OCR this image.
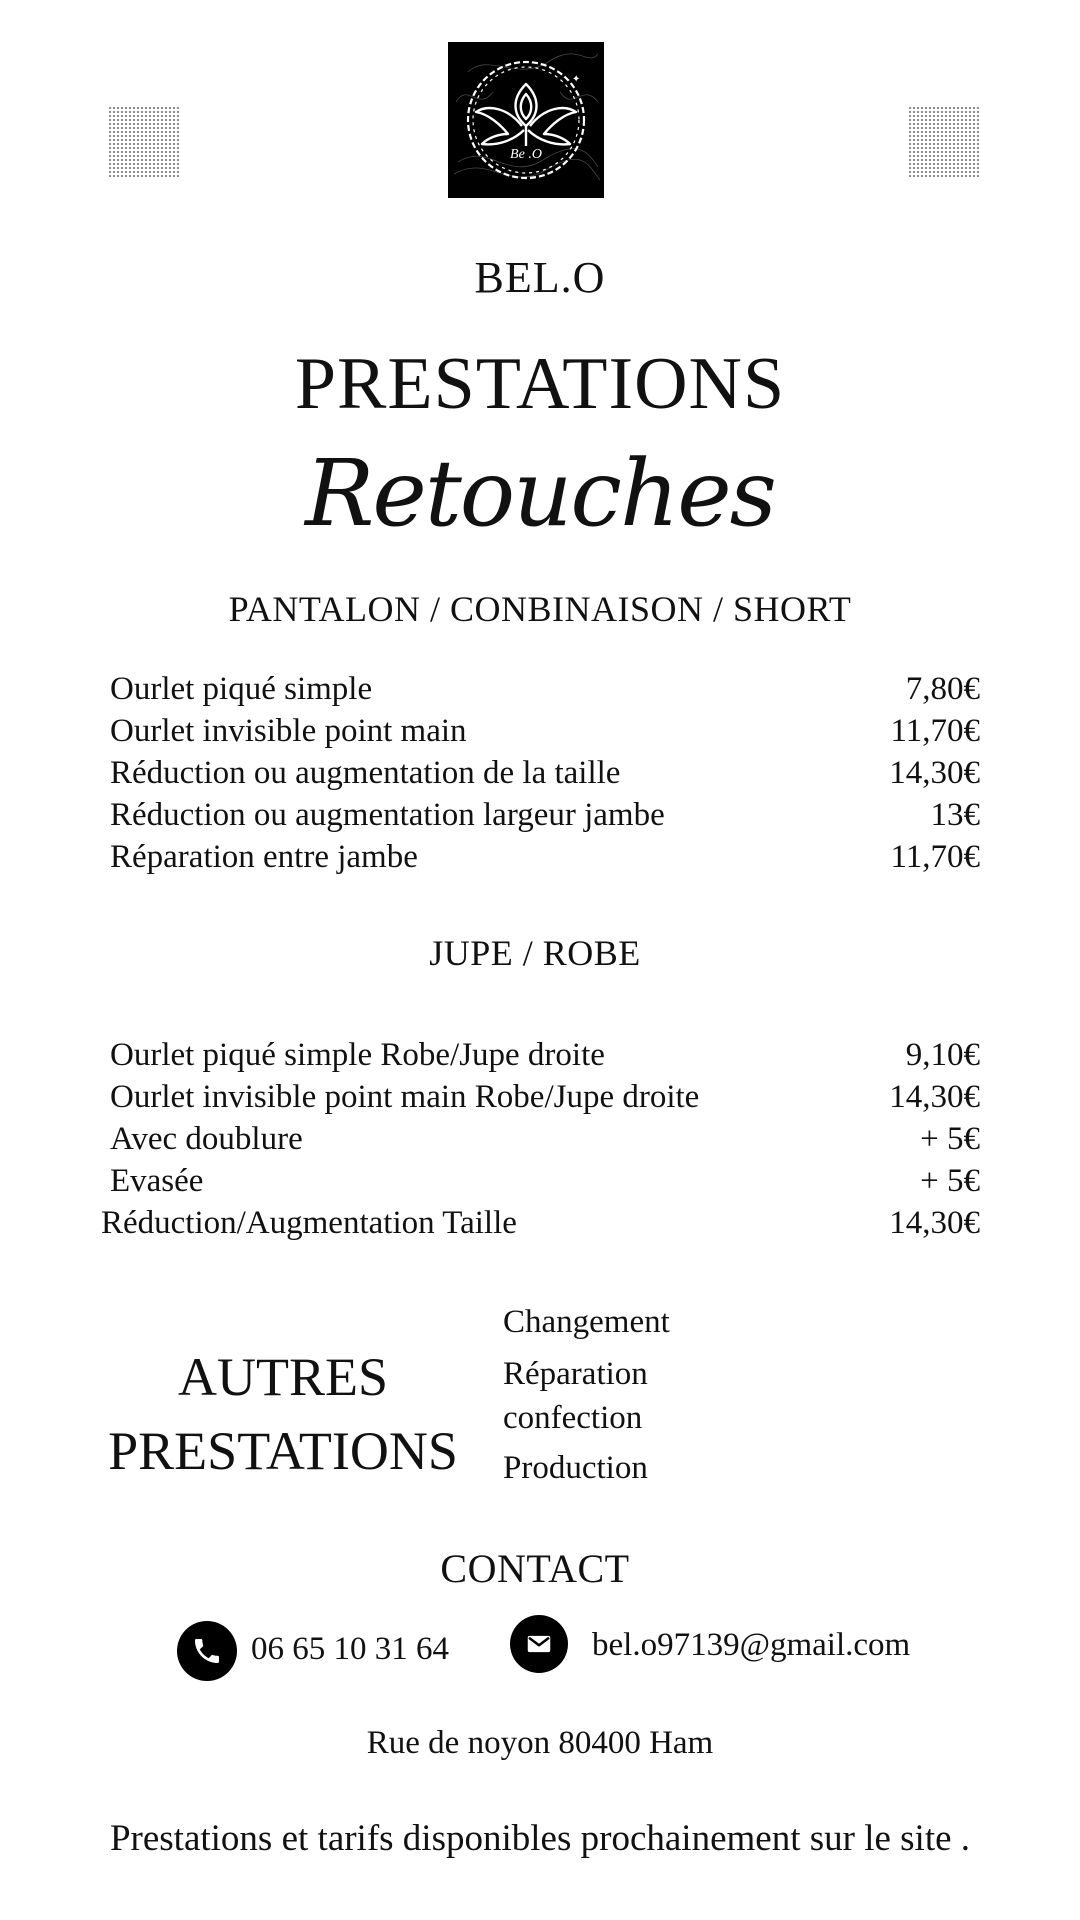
Be .O
✦
BEL.O
PRESTATIONS
Retouches
PANTALON / CONBINAISON / SHORT
Ourlet piqué simple	7,80€
Ourlet invisible point main	11,70€
Réduction ou augmentation de la taille	14,30€
Réduction ou augmentation largeur jambe	13€
Réparation entre jambe	11,70€
JUPE / ROBE
Ourlet piqué simple Robe/Jupe droite	9,10€
Ourlet invisible point main Robe/Jupe droite	14,30€
Avec doublure	+ 5€
Evasée	+ 5€
Réduction/Augmentation Taille	14,30€
AUTRES
PRESTATIONS
Changement
Réparation
confection
Production
CONTACT
06 65 10 31 64	bel.o97139@gmail.com
Rue de noyon 80400 Ham
Prestations et tarifs disponibles prochainement sur le site .
